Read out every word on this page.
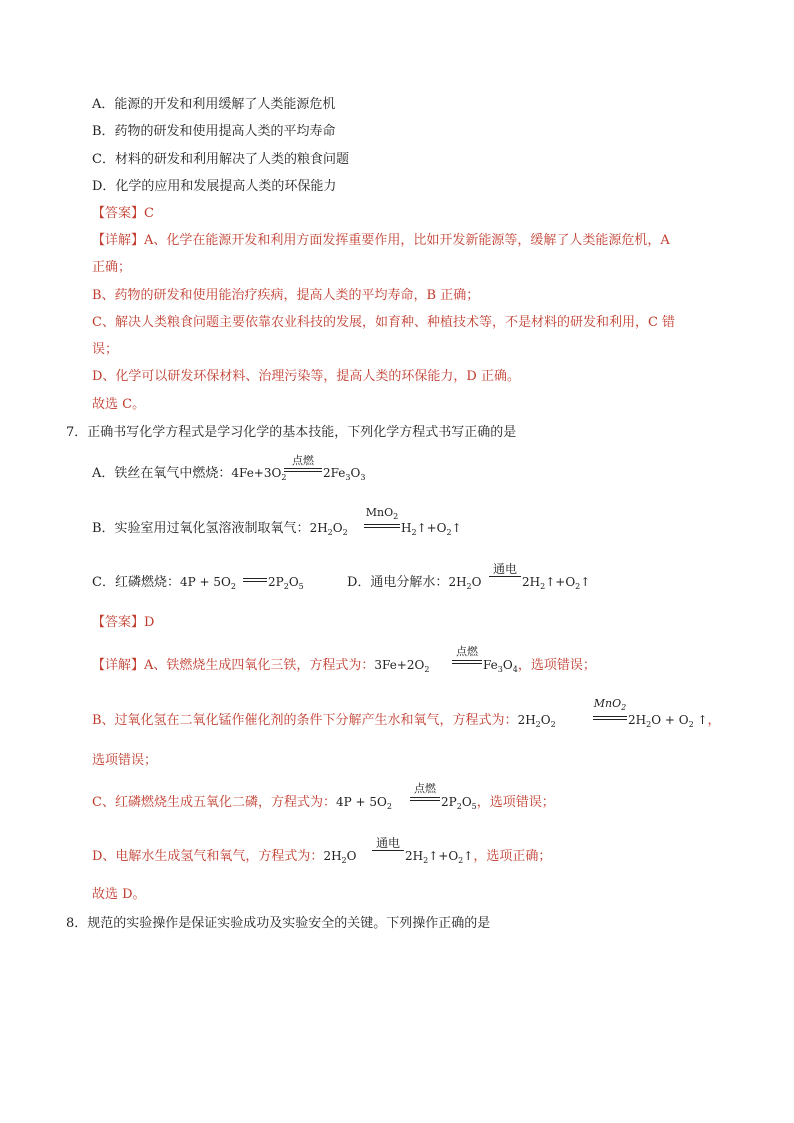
A．能源的开发和利用缓解了人类能源危机
B．药物的研发和使用提高人类的平均寿命
C．材料的研发和利用解决了人类的粮食问题
D．化学的应用和发展提高人类的环保能力
【答案】C
【详解】A、化学在能源开发和利用方面发挥重要作用，比如开发新能源等，缓解了人类能源危机，A
正确；
B、药物的研发和使用能治疗疾病，提高人类的平均寿命，B 正确；
C、解决人类粮食问题主要依靠农业科技的发展，如育种、种植技术等，不是材料的研发和利用，C 错
误；
D、化学可以研发环保材料、治理污染等，提高人类的环保能力，D 正确。
故选 C。
7．正确书写化学方程式是学习化学的基本技能，下列化学方程式书写正确的是
A．铁丝在氧气中燃烧：$4Fe+3O_2$
点燃
$2Fe_3O_3$
B．实验室用过氧化氢溶液制取氧气：$2H_2O_2$
MnO$_2$
$H_2↑+O_2↑$
C．红磷燃烧：$4P + 5O_2$	$2P_2O_5$	D．通电分解水：$2H_2O$
通电
$2H_2↑+O_2↑$
【答案】D
【详解】A、铁燃烧生成四氧化三铁，方程式为：$3Fe+2O_2$
点燃
$Fe_3O_4$，选项错误；
B、过氧化氢在二氧化锰作催化剂的条件下分解产生水和氧气，方程式为：$2H_2O_2$
MnO$_2$
$2H_2O + O_2$ ↑，
选项错误；
C、红磷燃烧生成五氧化二磷，方程式为：$4P + 5O_2$
点燃
$2P_2O_5$，选项错误；
D、电解水生成氢气和氧气，方程式为：$2H_2O$
通电
$2H_2↑+O_2↑$，选项正确；
故选 D。
8．规范的实验操作是保证实验成功及实验安全的关键。下列操作正确的是
